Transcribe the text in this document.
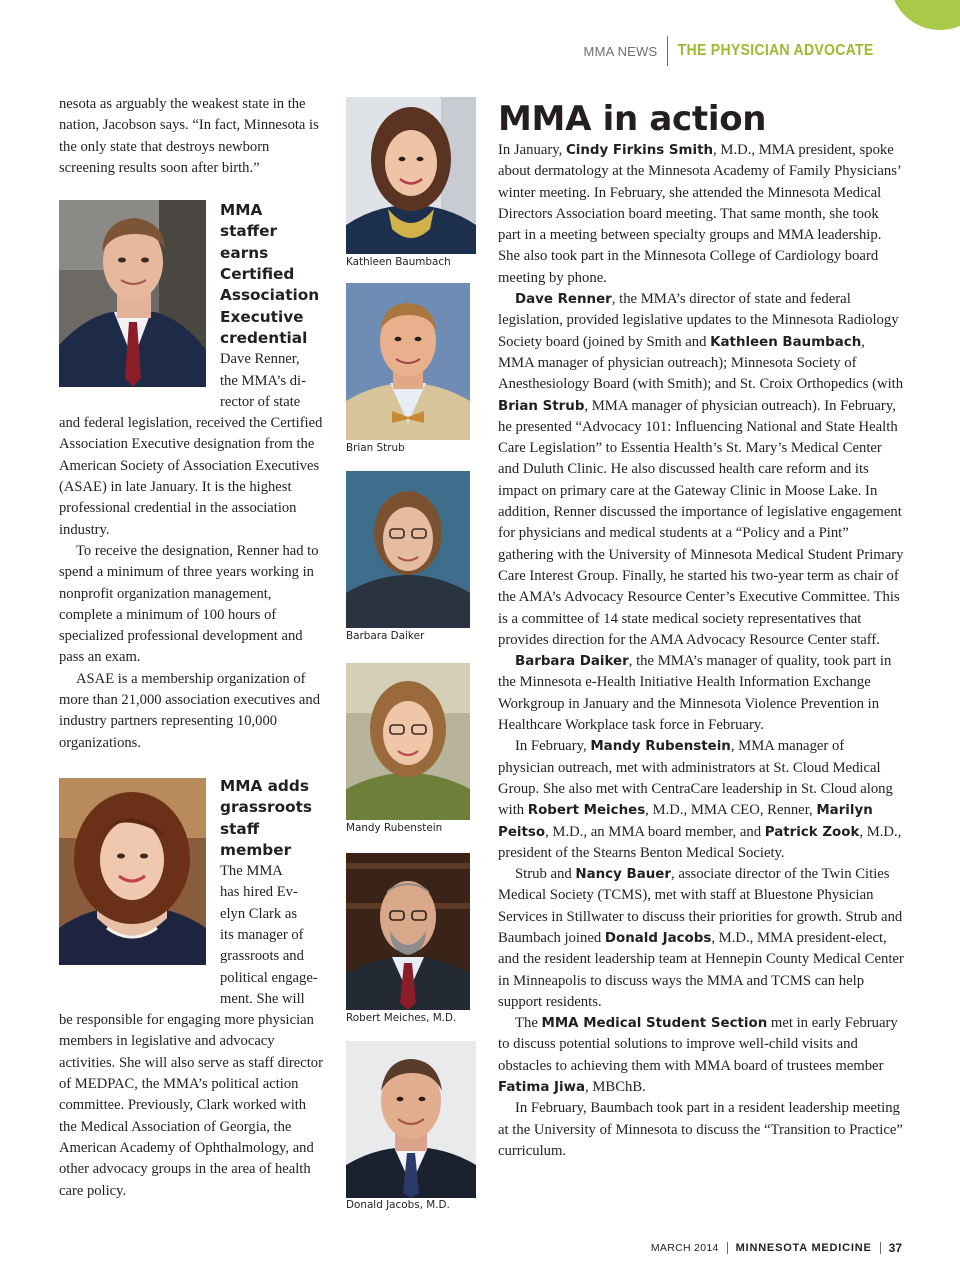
MMA NEWS	THE PHYSICIAN ADVOCATE

nesota as arguably the weakest state in the nation, Jacobson says. “In fact, Minnesota is the only state that destroys newborn screening results soon after birth.”

MMA
staffer earns
Certified
Association
Executive
credential
Dave Renner,
the MMA’s di-
rector of state

and federal legislation, received the Certified Association Executive designation from the American Society of Association Executives (ASAE) in late January. It is the highest professional credential in the association industry.

To receive the designation, Renner had to spend a minimum of three years working in nonprofit organization management, complete a minimum of 100 hours of specialized professional development and pass an exam.

ASAE is a membership organization of more than 21,000 association executives and industry partners representing 10,000 organizations.

MMA adds
grassroots
staff member
The MMA
has hired Ev-
elyn Clark as
its manager of
grassroots and
political engage-
ment. She will

be responsible for engaging more physician members in legislative and advocacy activities. She will also serve as staff director of MEDPAC, the MMA’s political action committee. Previously, Clark worked with the Medical Association of Georgia, the American Academy of Ophthalmology, and other advocacy groups in the area of health care policy.

Kathleen Baumbach
Brian Strub
Barbara Daiker
Mandy Rubenstein
Robert Meiches, M.D.
Donald Jacobs, M.D.
MMA in action

In January, Cindy Firkins Smith, M.D., MMA president, spoke about dermatology at the Minnesota Academy of Family Physicians’ winter meeting. In February, she attended the Minnesota Medical Directors Association board meeting. That same month, she took part in a meeting between specialty groups and MMA leadership. She also took part in the Minnesota College of Cardiology board meeting by phone.

Dave Renner, the MMA’s director of state and federal legislation, provided legislative updates to the Minnesota Radiology Society board (joined by Smith and Kathleen Baumbach, MMA manager of physician outreach); Minnesota Society of Anesthesiology Board (with Smith); and St. Croix Orthopedics (with Brian Strub, MMA manager of physician outreach). In February, he presented “Advocacy 101: Influencing National and State Health Care Legislation” to Essentia Health’s St. Mary’s Medical Center and Duluth Clinic. He also discussed health care reform and its impact on primary care at the Gateway Clinic in Moose Lake. In addition, Renner discussed the importance of legislative engagement for physicians and medical students at a “Policy and a Pint” gathering with the University of Minnesota Medical Student Primary Care Interest Group. Finally, he started his two-year term as chair of the AMA’s Advocacy Resource Center’s Executive Committee. This is a committee of 14 state medical society representatives that provides direction for the AMA Advocacy Resource Center staff.

Barbara Daiker, the MMA’s manager of quality, took part in the Minnesota e-Health Initiative Health Information Exchange Workgroup in January and the Minnesota Violence Prevention in Healthcare Workplace task force in February.

In February, Mandy Rubenstein, MMA manager of physician outreach, met with administrators at St. Cloud Medical Group. She also met with CentraCare leadership in St. Cloud along with Robert Meiches, M.D., MMA CEO, Renner, Marilyn Peitso, M.D., an MMA board member, and Patrick Zook, M.D., president of the Stearns Benton Medical Society.

Strub and Nancy Bauer, associate director of the Twin Cities Medical Society (TCMS), met with staff at Bluestone Physician Services in Stillwater to discuss their priorities for growth. Strub and Baumbach joined Donald Jacobs, M.D., MMA president-elect, and the resident leadership team at Hennepin County Medical Center in Minneapolis to discuss ways the MMA and TCMS can help support residents.

The MMA Medical Student Section met in early February to discuss potential solutions to improve well-child visits and obstacles to achieving them with MMA board of trustees member Fatima Jiwa, MBChB.

In February, Baumbach took part in a resident leadership meeting at the University of Minnesota to discuss the “Transition to Practice” curriculum.

MARCH 2014 MINNESOTA MEDICINE 37
